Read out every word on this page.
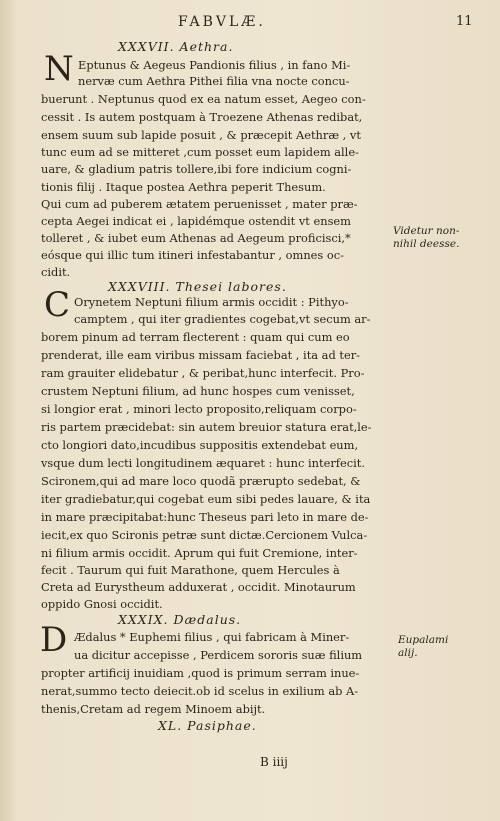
FABVLÆ.	11
XXXVII. Aethra.
N Eptunus & Aegeus Pandionis filius , in fano Mi-
nervæ cum Aethra Pithei filia vna nocte concu-
buerunt . Neptunus quod ex ea natum esset, Aegeo con-
cessit . Is autem postquam à Troezene Athenas redibat,
ensem suum sub lapide posuit , & præcepit Aethræ , vt
tunc eum ad se mitteret ,cum posset eum lapidem alle-
uare, & gladium patris tollere,ibi fore indicium cogni-
tionis filij . Itaque postea Aethra peperit Thesum.
Qui cum ad puberem ætatem peruenisset , mater præ-
cepta Aegei indicat ei , lapidémque ostendit vt ensem
tolleret , & iubet eum Athenas ad Aegeum proficisci,*
eósque qui illic tum itineri infestabantur , omnes oc-
cidit.
Videtur non-
nihil deesse.
XXXVIII. Thesei labores.
C Orynetem Neptuni filium armis occidit : Pithyo-
camptem , qui iter gradientes cogebat,vt secum ar-
borem pinum ad terram flecterent : quam qui cum eo
prenderat, ille eam viribus missam faciebat , ita ad ter-
ram grauiter elidebatur , & peribat,hunc interfecit. Pro-
crustem Neptuni filium, ad hunc hospes cum venisset,
si longior erat , minori lecto proposito,reliquam corpo-
ris partem præcidebat: sin autem breuior statura erat,le-
cto longiori dato,incudibus suppositis extendebat eum,
vsque dum lecti longitudinem æquaret : hunc interfecit.
Scironem,qui ad mare loco quodã prærupto sedebat, &
iter gradiebatur,qui cogebat eum sibi pedes lauare, & ita
in mare præcipitabat:hunc Theseus pari leto in mare de-
iecit,ex quo Scironis petræ sunt dictæ.Cercionem Vulca-
ni filium armis occidit. Aprum qui fuit Cremione, inter-
fecit . Taurum qui fuit Marathone, quem Hercules à
Creta ad Eurystheum adduxerat , occidit. Minotaurum
oppido Gnosi occidit.
XXXIX. Dædalus.
D Ædalus * Euphemi filius , qui fabricam à Miner-
ua dicitur accepisse , Perdicem sororis suæ filium
propter artificij inuidiam ,quod is primum serram inue-
nerat,summo tecto deiecit.ob id scelus in exilium ab A-
thenis,Cretam ad regem Minoem abijt.
Eupalami
alij.
XL. Pasiphae.
B iiij
